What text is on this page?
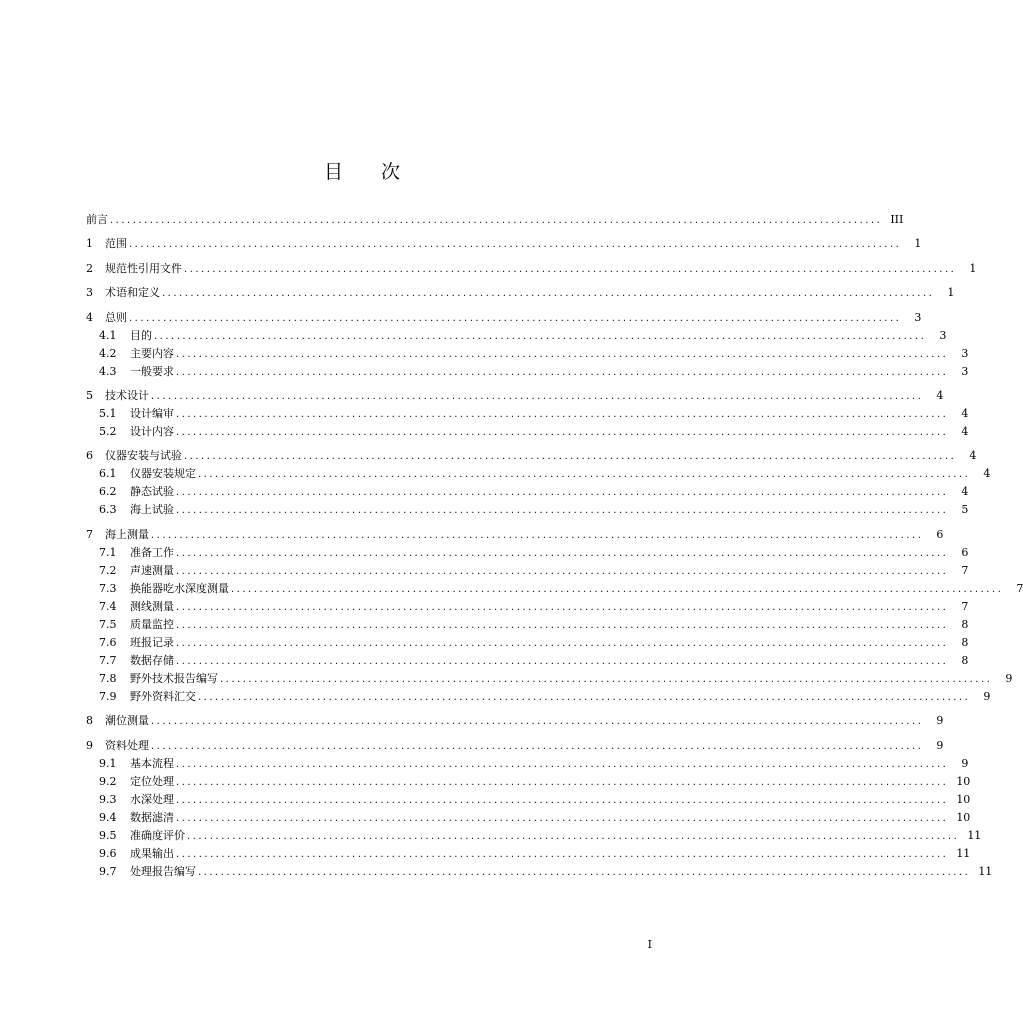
目 次
前言 ........................................................................................................................................ III
1	范围 ........................................................................................................................................	1
2	规范性引用文件 ........................................................................................................................................	1
3	术语和定义 ........................................................................................................................................	1
4	总则 ........................................................................................................................................	3
4.1	目的 ........................................................................................................................................	3
4.2	主要内容 ........................................................................................................................................	3
4.3	一般要求 ........................................................................................................................................	3
5	技术设计 ........................................................................................................................................	4
5.1	设计编审 ........................................................................................................................................	4
5.2	设计内容 ........................................................................................................................................	4
6	仪器安装与试验 ........................................................................................................................................	4
6.1	仪器安装规定 ........................................................................................................................................	4
6.2	静态试验 ........................................................................................................................................	4
6.3	海上试验 ........................................................................................................................................	5
7	海上测量 ........................................................................................................................................	6
7.1	准备工作 ........................................................................................................................................	6
7.2	声速测量 ........................................................................................................................................	7
7.3	换能器吃水深度测量 ........................................................................................................................................	7
7.4	测线测量 ........................................................................................................................................	7
7.5	质量监控 ........................................................................................................................................	8
7.6	班报记录 ........................................................................................................................................	8
7.7	数据存储 ........................................................................................................................................	8
7.8	野外技术报告编写 ........................................................................................................................................	9
7.9	野外资料汇交 ........................................................................................................................................	9
8	潮位测量 ........................................................................................................................................	9
9	资料处理 ........................................................................................................................................	9
9.1	基本流程 ........................................................................................................................................	9
9.2	定位处理 ........................................................................................................................................ 10
9.3	水深处理 ........................................................................................................................................ 10
9.4	数据滤清 ........................................................................................................................................ 10
9.5	准确度评价 ........................................................................................................................................ 11
9.6	成果输出 ........................................................................................................................................ 11
9.7	处理报告编写 ........................................................................................................................................ 11
I
